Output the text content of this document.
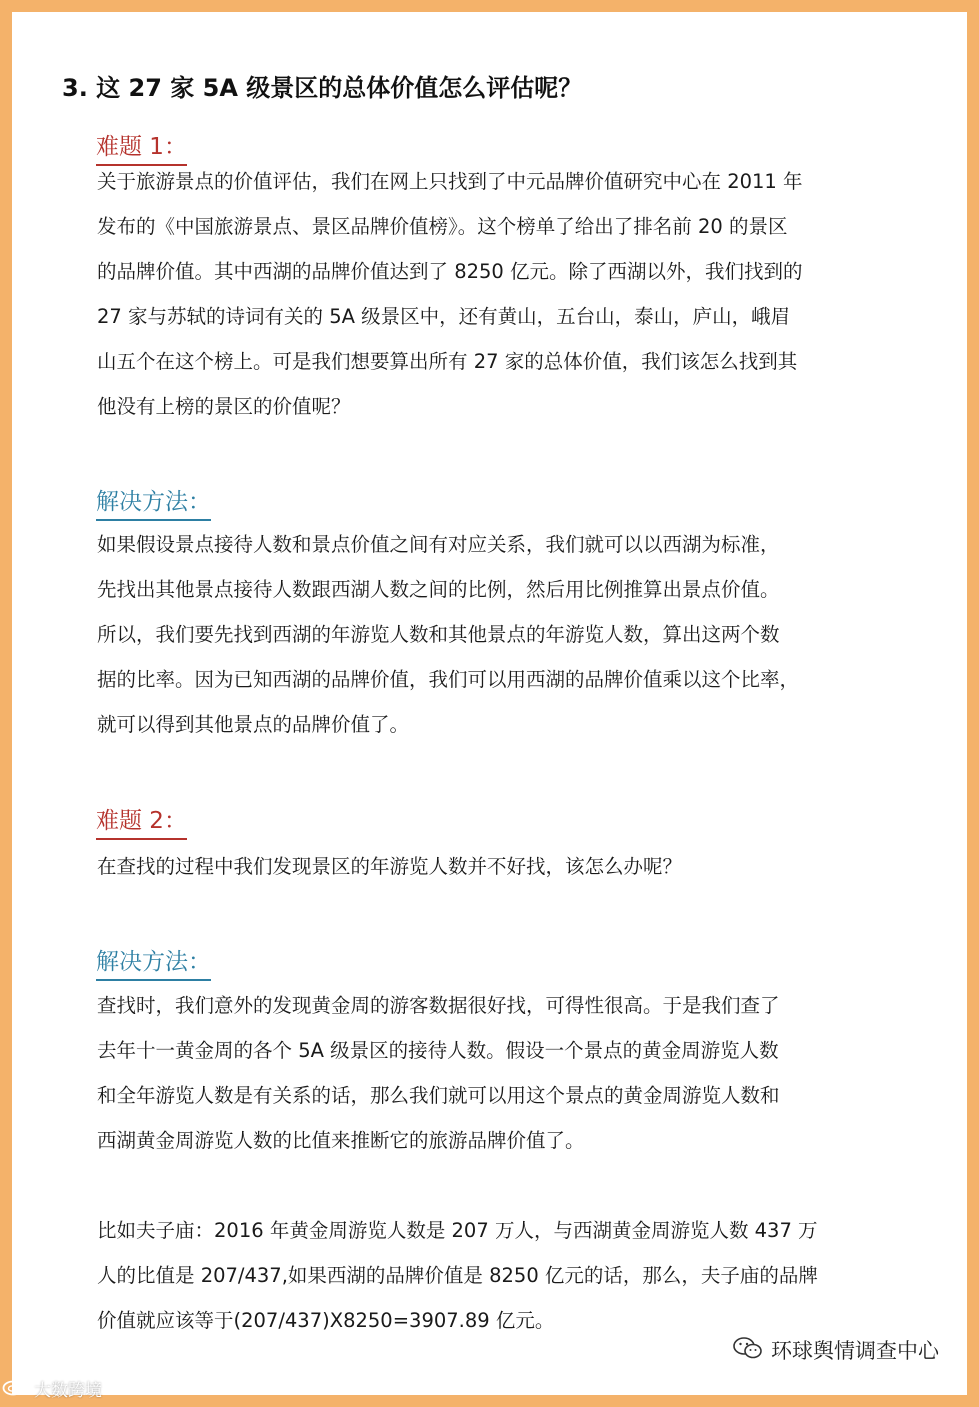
3. 这 27 家 5A 级景区的总体价值怎么评估呢？
难题 1：
关于旅游景点的价值评估，我们在网上只找到了中元品牌价值研究中心在 2011 年
发布的《中国旅游景点、景区品牌价值榜》。这个榜单了给出了排名前 20 的景区
的品牌价值。其中西湖的品牌价值达到了 8250 亿元。除了西湖以外，我们找到的
27 家与苏轼的诗词有关的 5A 级景区中，还有黄山，五台山，泰山，庐山，峨眉
山五个在这个榜上。可是我们想要算出所有 27 家的总体价值，我们该怎么找到其
他没有上榜的景区的价值呢？
解决方法：
如果假设景点接待人数和景点价值之间有对应关系，我们就可以以西湖为标准，
先找出其他景点接待人数跟西湖人数之间的比例，然后用比例推算出景点价值。
所以，我们要先找到西湖的年游览人数和其他景点的年游览人数，算出这两个数
据的比率。因为已知西湖的品牌价值，我们可以用西湖的品牌价值乘以这个比率，
就可以得到其他景点的品牌价值了。
难题 2：
在查找的过程中我们发现景区的年游览人数并不好找，该怎么办呢？
解决方法：
查找时，我们意外的发现黄金周的游客数据很好找，可得性很高。于是我们查了
去年十一黄金周的各个 5A 级景区的接待人数。假设一个景点的黄金周游览人数
和全年游览人数是有关系的话，那么我们就可以用这个景点的黄金周游览人数和
西湖黄金周游览人数的比值来推断它的旅游品牌价值了。
比如夫子庙：2016 年黄金周游览人数是 207 万人，与西湖黄金周游览人数 437 万
人的比值是 207/437,如果西湖的品牌价值是 8250 亿元的话，那么，夫子庙的品牌
价值就应该等于(207/437)X8250=3907.89 亿元。
环球舆情调查中心
大数跨境
